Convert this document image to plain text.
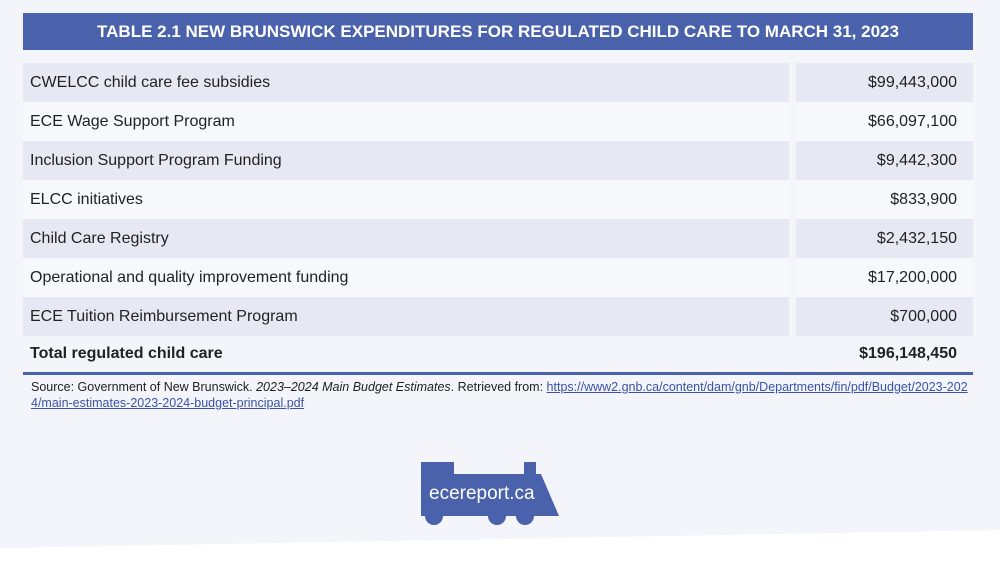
TABLE 2.1 NEW BRUNSWICK EXPENDITURES FOR REGULATED CHILD CARE TO MARCH 31, 2023
CWELCC child care fee subsidies	$99,443,000
ECE Wage Support Program	$66,097,100
Inclusion Support Program Funding	$9,442,300
ELCC initiatives	$833,900
Child Care Registry	$2,432,150
Operational and quality improvement funding	$17,200,000
ECE Tuition Reimbursement Program	$700,000
Total regulated child care	$196,148,450
Source: Government of New Brunswick. 2023–2024 Main Budget Estimates. Retrieved from: https://www2.gnb.ca/content/dam/gnb/Departments/fin/pdf/Budget/2023-2024/main-estimates-2023-2024-budget-principal.pdf
ecereport.ca
